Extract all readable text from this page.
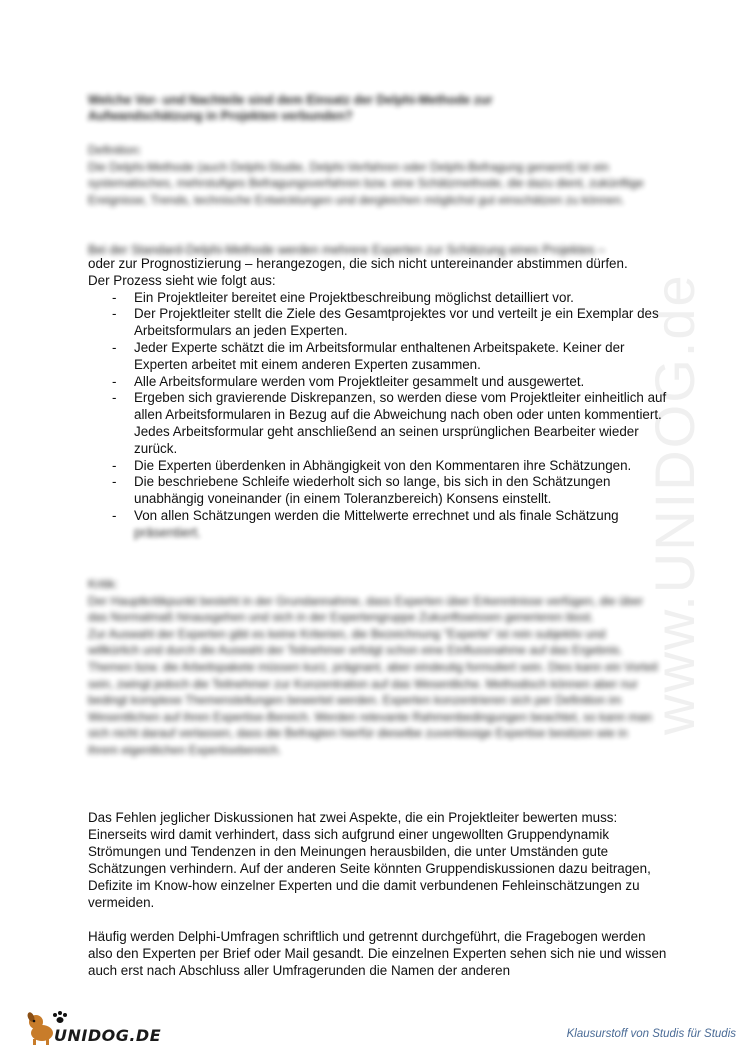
www.UNIDOG.de
Welche Vor- und Nachteile sind dem Einsatz der Delphi-Methode zur
Aufwandschätzung in Projekten verbunden?

Definition:

Die Delphi-Methode (auch Delphi-Studie, Delphi-Verfahren oder Delphi-Befragung genannt) ist ein systematisches, mehrstufiges Befragungsverfahren bzw. eine Schätzmethode, die dazu dient, zukünftige Ereignisse, Trends, technische Entwicklungen und dergleichen möglichst gut einschätzen zu können.

Bei der Standard-Delphi-Methode werden mehrere Experten zur Schätzung eines Projektes –

oder zur Prognostizierung – herangezogen, die sich nicht untereinander abstimmen dürfen.

Der Prozess sieht wie folgt aus:

- Ein Projektleiter bereitet eine Projektbeschreibung möglichst detailliert vor.
- Der Projektleiter stellt die Ziele des Gesamtprojektes vor und verteilt je ein Exemplar des Arbeitsformulars an jeden Experten.
- Jeder Experte schätzt die im Arbeitsformular enthaltenen Arbeitspakete. Keiner der Experten arbeitet mit einem anderen Experten zusammen.
- Alle Arbeitsformulare werden vom Projektleiter gesammelt und ausgewertet.
- Ergeben sich gravierende Diskrepanzen, so werden diese vom Projektleiter einheitlich auf allen Arbeitsformularen in Bezug auf die Abweichung nach oben oder unten kommentiert. Jedes Arbeitsformular geht anschließend an seinen ursprünglichen Bearbeiter wieder zurück.
- Die Experten überdenken in Abhängigkeit von den Kommentaren ihre Schätzungen.
- Die beschriebene Schleife wiederholt sich so lange, bis sich in den Schätzungen unabhängig voneinander (in einem Toleranzbereich) Konsens einstellt.
- Von allen Schätzungen werden die Mittelwerte errechnet und als finale Schätzung
präsentiert.

Kritik:

Der Hauptkritikpunkt besteht in der Grundannahme, dass Experten über Erkenntnisse verfügen, die über das Normalmaß hinausgehen und sich in der Expertengruppe Zukunftswissen generieren lässt.

Zur Auswahl der Experten gibt es keine Kriterien, die Bezeichnung "Experte" ist rein subjektiv und willkürlich und durch die Auswahl der Teilnehmer erfolgt schon eine Einflussnahme auf das Ergebnis. Themen bzw. die Arbeitspakete müssen kurz, prägnant, aber eindeutig formuliert sein. Dies kann ein Vorteil sein, zwingt jedoch die Teilnehmer zur Konzentration auf das Wesentliche. Methodisch können aber nur bedingt komplexe Themenstellungen bewertet werden. Experten konzentrieren sich per Definition im Wesentlichen auf ihren Expertise-Bereich. Werden relevante Rahmenbedingungen beachtet, so kann man sich nicht darauf verlassen, dass die Befragten hierfür dieselbe zuverlässige Expertise besitzen wie in ihrem eigentlichen Expertisebereich.

Das Fehlen jeglicher Diskussionen hat zwei Aspekte, die ein Projektleiter bewerten muss: Einerseits wird damit verhindert, dass sich aufgrund einer ungewollten Gruppendynamik Strömungen und Tendenzen in den Meinungen herausbilden, die unter Umständen gute Schätzungen verhindern. Auf der anderen Seite könnten Gruppendiskussionen dazu beitragen, Defizite im Know-how einzelner Experten und die damit verbundenen Fehleinschätzungen zu vermeiden.

Häufig werden Delphi-Umfragen schriftlich und getrennt durchgeführt, die Fragebogen werden also den Experten per Brief oder Mail gesandt. Die einzelnen Experten sehen sich nie und wissen auch erst nach Abschluss aller Umfragerunden die Namen der anderen

UNIDOG.DE	Klausurstoff von Studis für Studis
